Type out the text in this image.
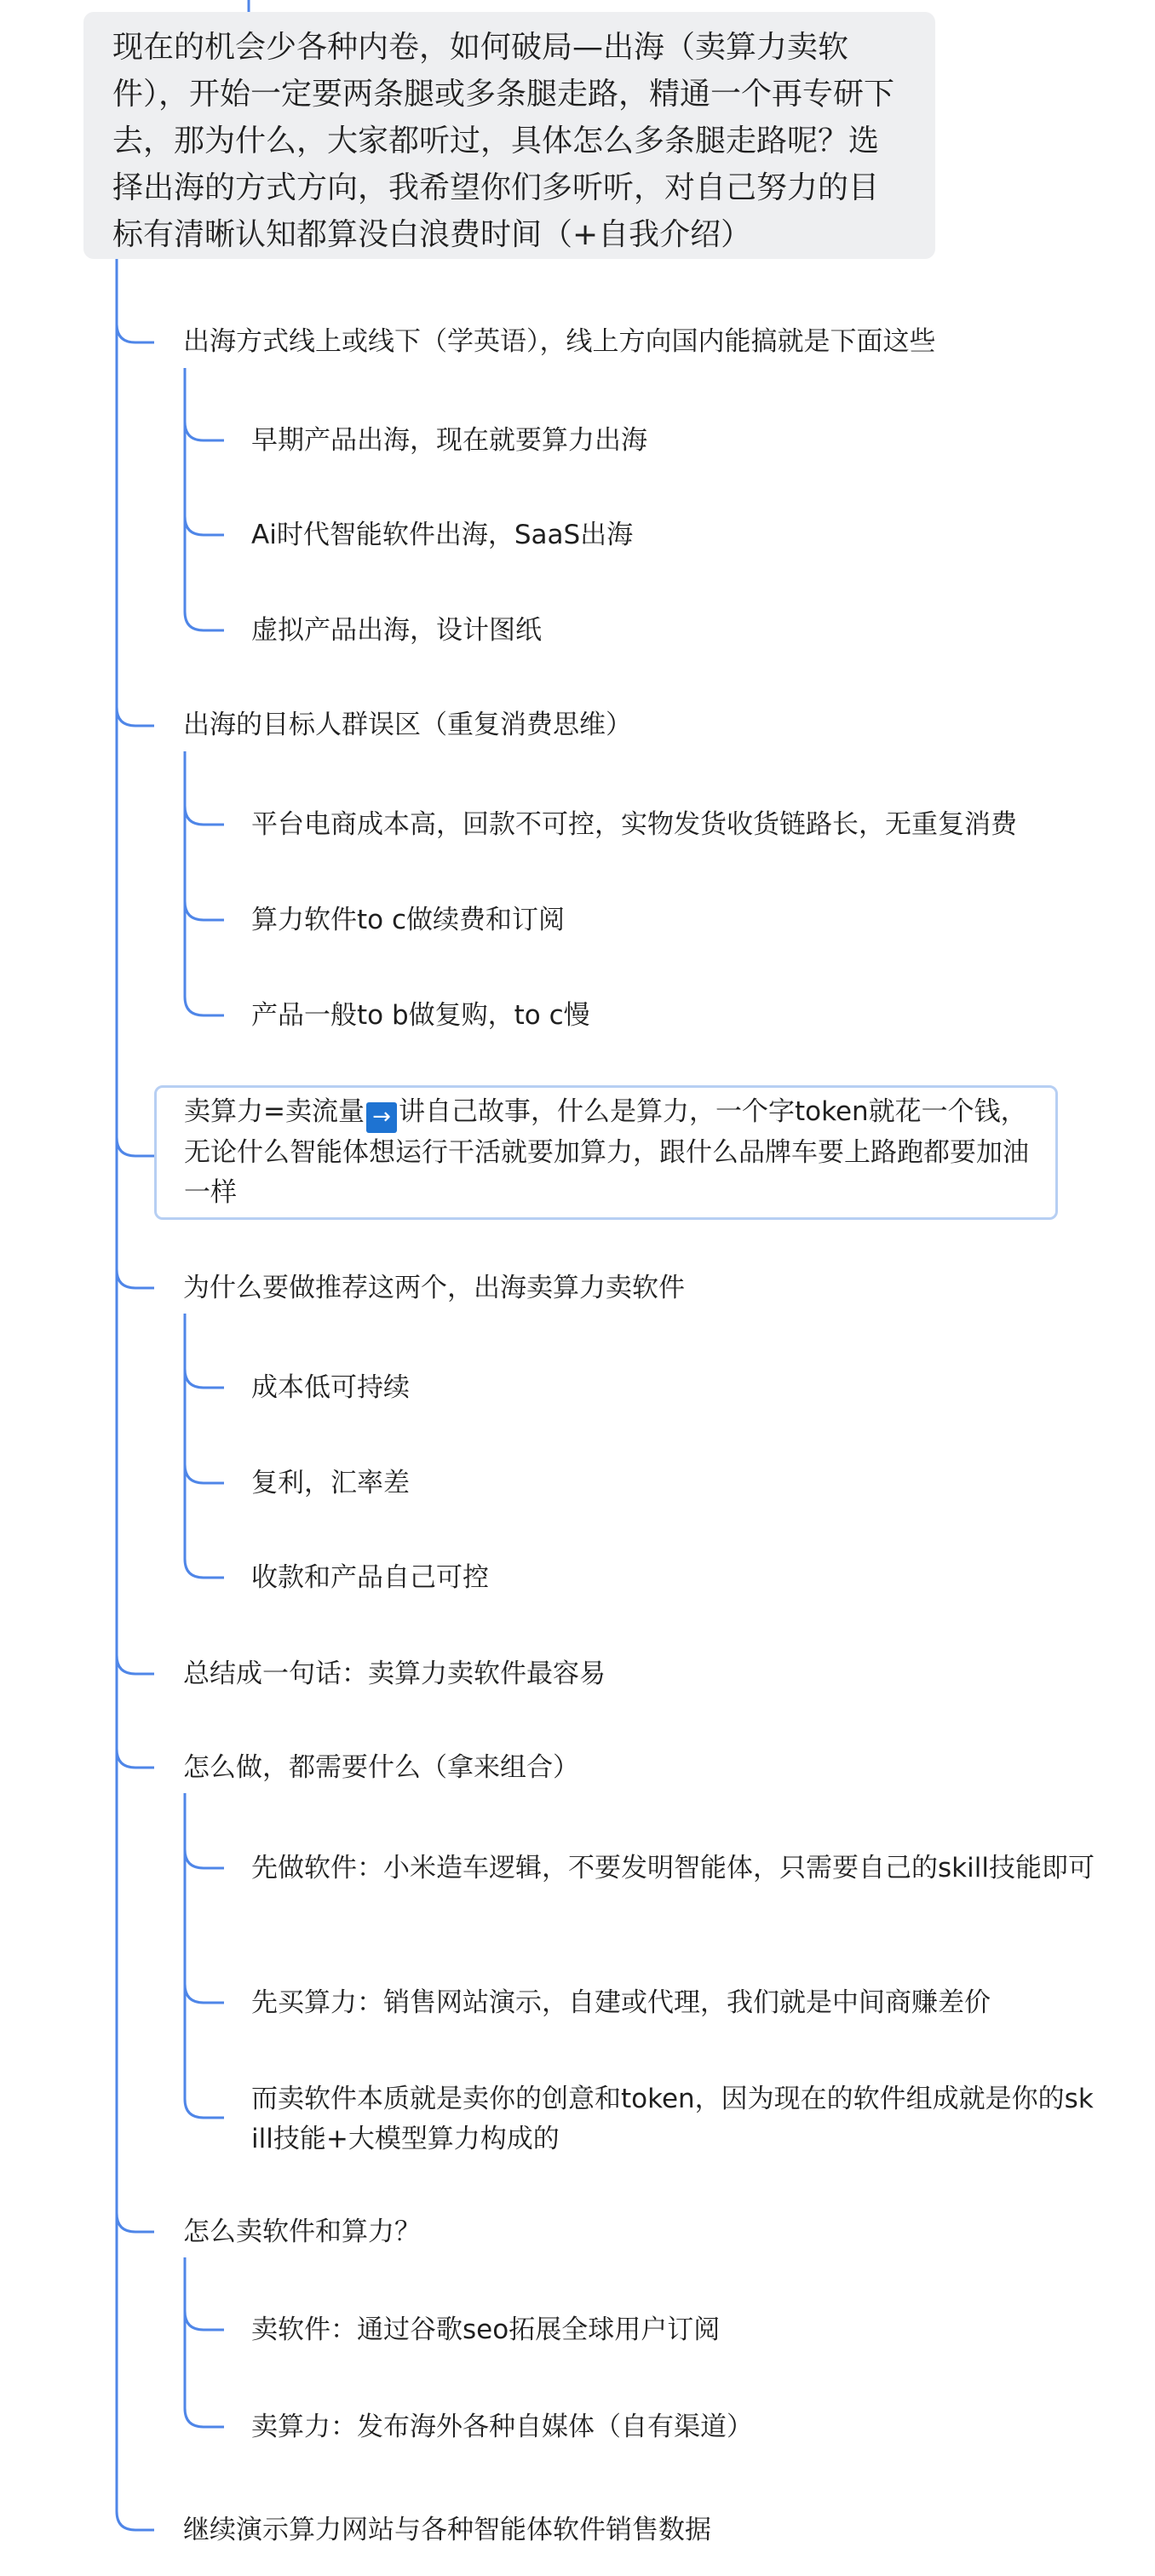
现在的机会少各种内卷，如何破局—出海（卖算力卖软件），开始一定要两条腿或多条腿走路，精通一个再专研下去，那为什么，大家都听过，具体怎么多条腿走路呢？选择出海的方式方向，我希望你们多听听，对自己努力的目标有清晰认知都算没白浪费时间（+自我介绍）
出海方式线上或线下（学英语），线上方向国内能搞就是下面这些
早期产品出海，现在就要算力出海
Ai时代智能软件出海，SaaS出海
虚拟产品出海，设计图纸
出海的目标人群误区（重复消费思维）
平台电商成本高，回款不可控，实物发货收货链路长，无重复消费
算力软件to c做续费和订阅
产品一般to b做复购，to c慢
卖算力=卖流量 → 讲自己故事，什么是算力，一个字token就花一个钱，无论什么智能体想运行干活就要加算力，跟什么品牌车要上路跑都要加油一样
为什么要做推荐这两个，出海卖算力卖软件
成本低可持续
复利，汇率差
收款和产品自己可控
总结成一句话：卖算力卖软件最容易
怎么做，都需要什么（拿来组合）
先做软件：小米造车逻辑，不要发明智能体，只需要自己的skill技能即可
先买算力：销售网站演示，自建或代理，我们就是中间商赚差价
而卖软件本质就是卖你的创意和token，因为现在的软件组成就是你的skill技能+大模型算力构成的
怎么卖软件和算力？
卖软件：通过谷歌seo拓展全球用户订阅
卖算力：发布海外各种自媒体（自有渠道）
继续演示算力网站与各种智能体软件销售数据
